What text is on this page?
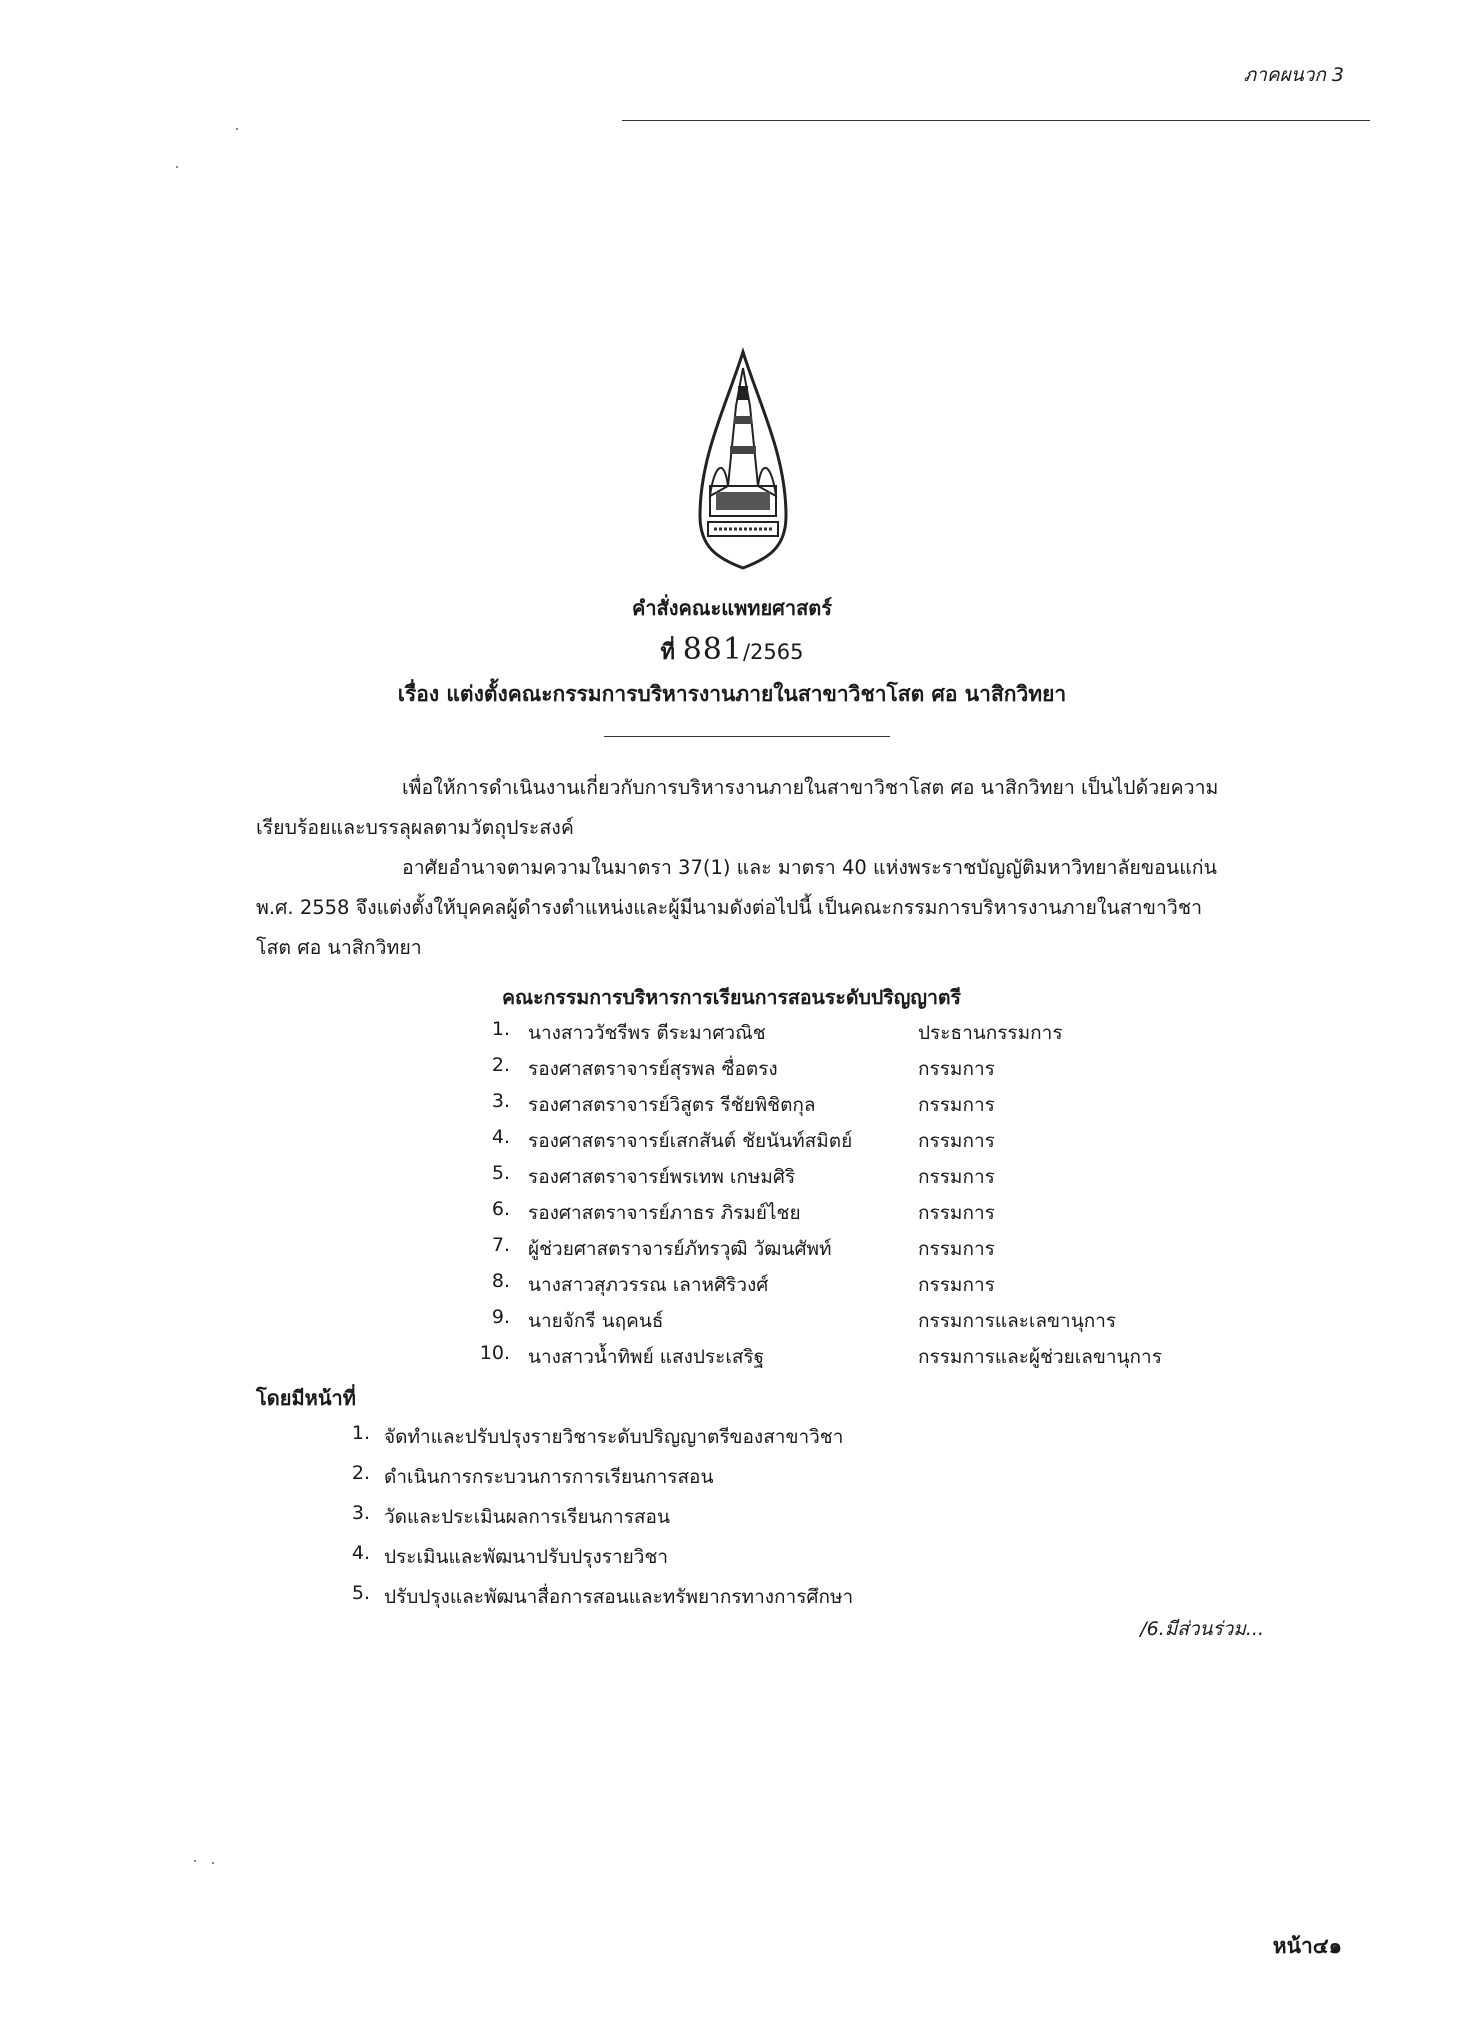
ภาคผนวก 3
คำสั่งคณะแพทยศาสตร์
ที่ 881/2565
เรื่อง แต่งตั้งคณะกรรมการบริหารงานภายในสาขาวิชาโสต ศอ นาสิกวิทยา
เพื่อให้การดำเนินงานเกี่ยวกับการบริหารงานภายในสาขาวิชาโสต ศอ นาสิกวิทยา เป็นไปด้วยความ
เรียบร้อยและบรรลุผลตามวัตถุประสงค์
อาศัยอำนาจตามความในมาตรา 37(1) และ มาตรา 40 แห่งพระราชบัญญัติมหาวิทยาลัยขอนแก่น
พ.ศ. 2558 จึงแต่งตั้งให้บุคคลผู้ดำรงตำแหน่งและผู้มีนามดังต่อไปนี้ เป็นคณะกรรมการบริหารงานภายในสาขาวิชา
โสต ศอ นาสิกวิทยา
คณะกรรมการบริหารการเรียนการสอนระดับปริญญาตรี
1. นางสาววัชรีพร ตีระมาศวณิช	ประธานกรรมการ
2. รองศาสตราจารย์สุรพล ซื่อตรง	กรรมการ
3. รองศาสตราจารย์วิสูตร รีชัยพิชิตกุล	กรรมการ
4. รองศาสตราจารย์เสกสันต์ ชัยนันท์สมิตย์	กรรมการ
5. รองศาสตราจารย์พรเทพ เกษมศิริ	กรรมการ
6. รองศาสตราจารย์ภาธร ภิรมย์ไชย	กรรมการ
7. ผู้ช่วยศาสตราจารย์ภัทรวุฒิ วัฒนศัพท์	กรรมการ
8. นางสาวสุภวรรณ เลาหศิริวงศ์	กรรมการ
9. นายจักรี นฤคนธ์	กรรมการและเลขานุการ
10. นางสาวน้ำทิพย์ แสงประเสริฐ	กรรมการและผู้ช่วยเลขานุการ
โดยมีหน้าที่
1. จัดทำและปรับปรุงรายวิชาระดับปริญญาตรีของสาขาวิชา
2. ดำเนินการกระบวนการการเรียนการสอน
3. วัดและประเมินผลการเรียนการสอน
4. ประเมินและพัฒนาปรับปรุงรายวิชา
5. ปรับปรุงและพัฒนาสื่อการสอนและทรัพยากรทางการศึกษา
/6.มีส่วนร่วม...
หน้า๔๑
